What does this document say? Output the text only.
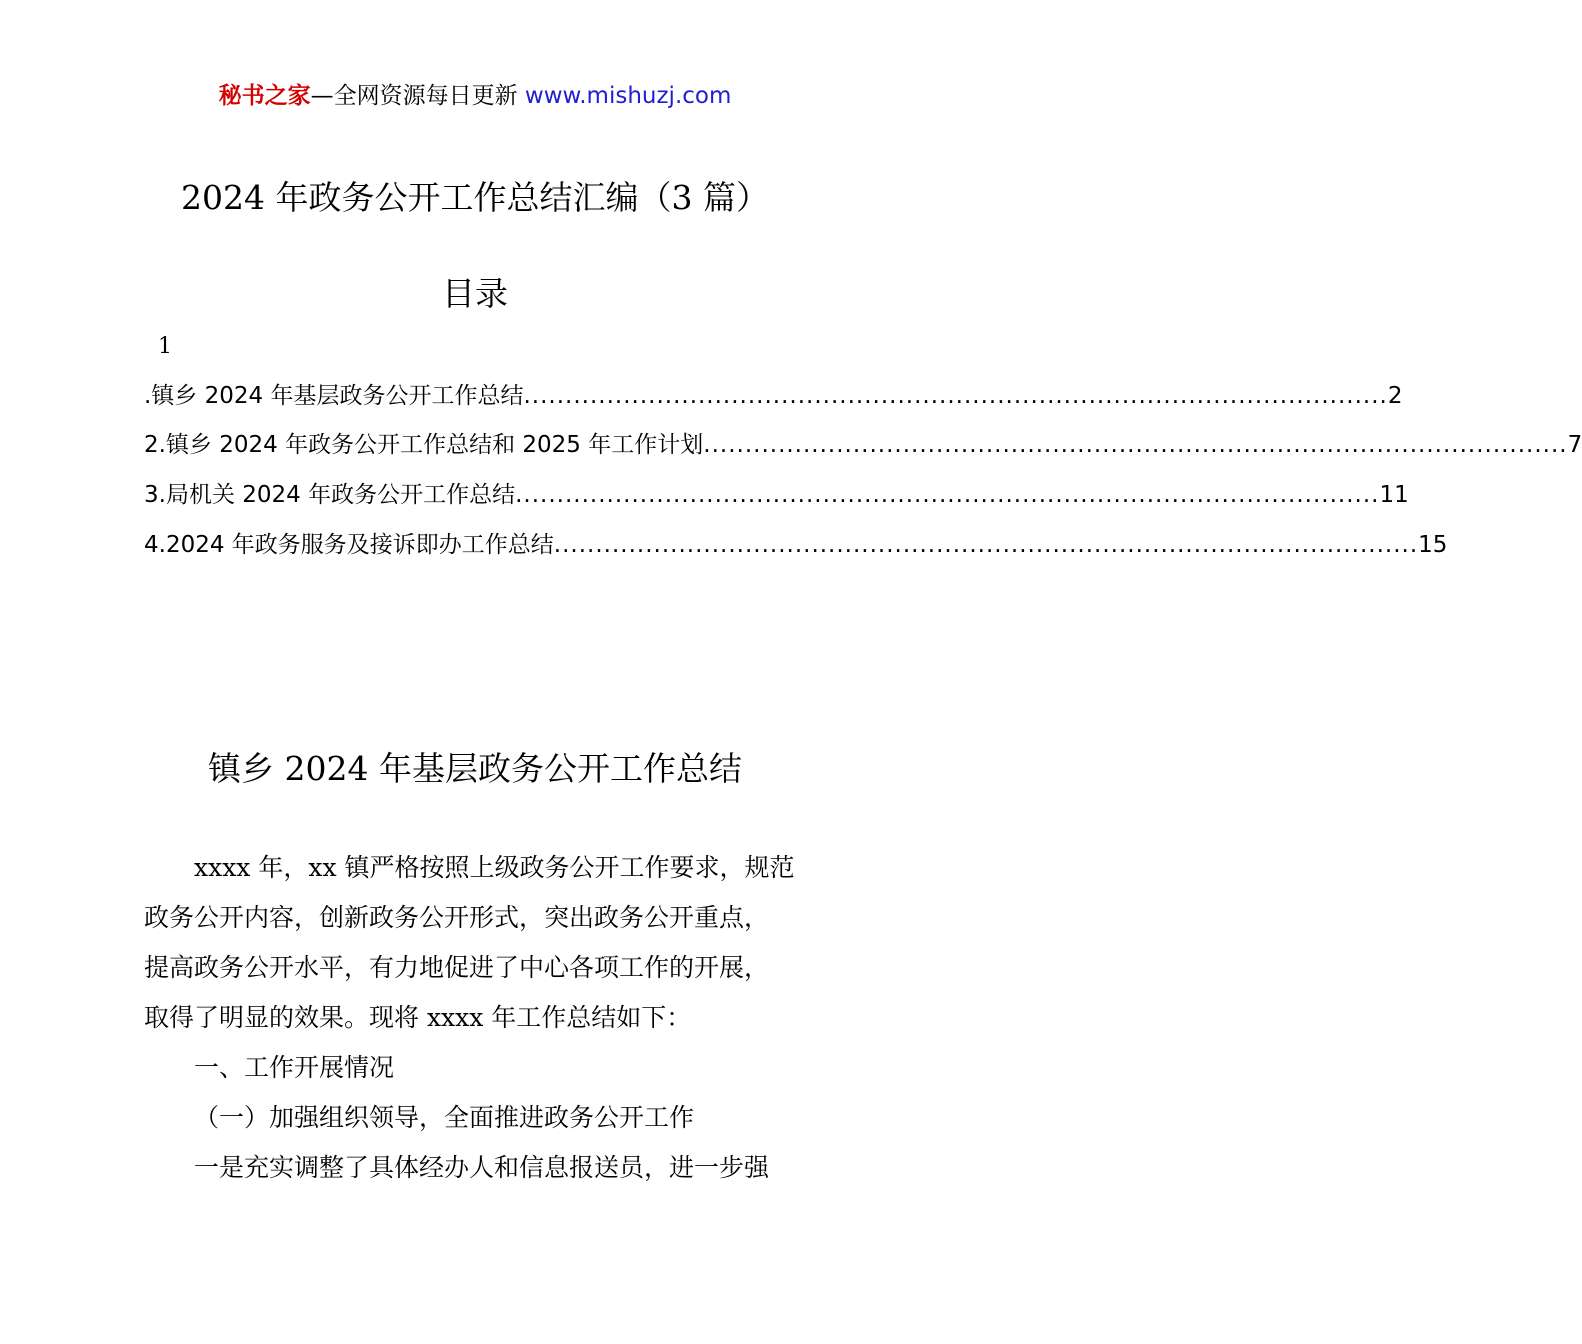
秘书之家—全网资源每日更新 www.mishuzj.com
2024 年政务公开工作总结汇编（3 篇）
目录
1
.镇乡 2024 年基层政务公开工作总结 ........................................................................................................ 2
2.镇乡 2024 年政务公开工作总结和 2025 年工作计划 ........................................................................................................ 7
3.局机关 2024 年政务公开工作总结 ........................................................................................................ 11
4.2024 年政务服务及接诉即办工作总结 ........................................................................................................ 15
镇乡 2024 年基层政务公开工作总结
xxxx 年，xx 镇严格按照上级政务公开工作要求，规范
政务公开内容，创新政务公开形式，突出政务公开重点，
提高政务公开水平，有力地促进了中心各项工作的开展，
取得了明显的效果。现将 xxxx 年工作总结如下：
一、工作开展情况
（一）加强组织领导，全面推进政务公开工作
一是充实调整了具体经办人和信息报送员，进一步强
